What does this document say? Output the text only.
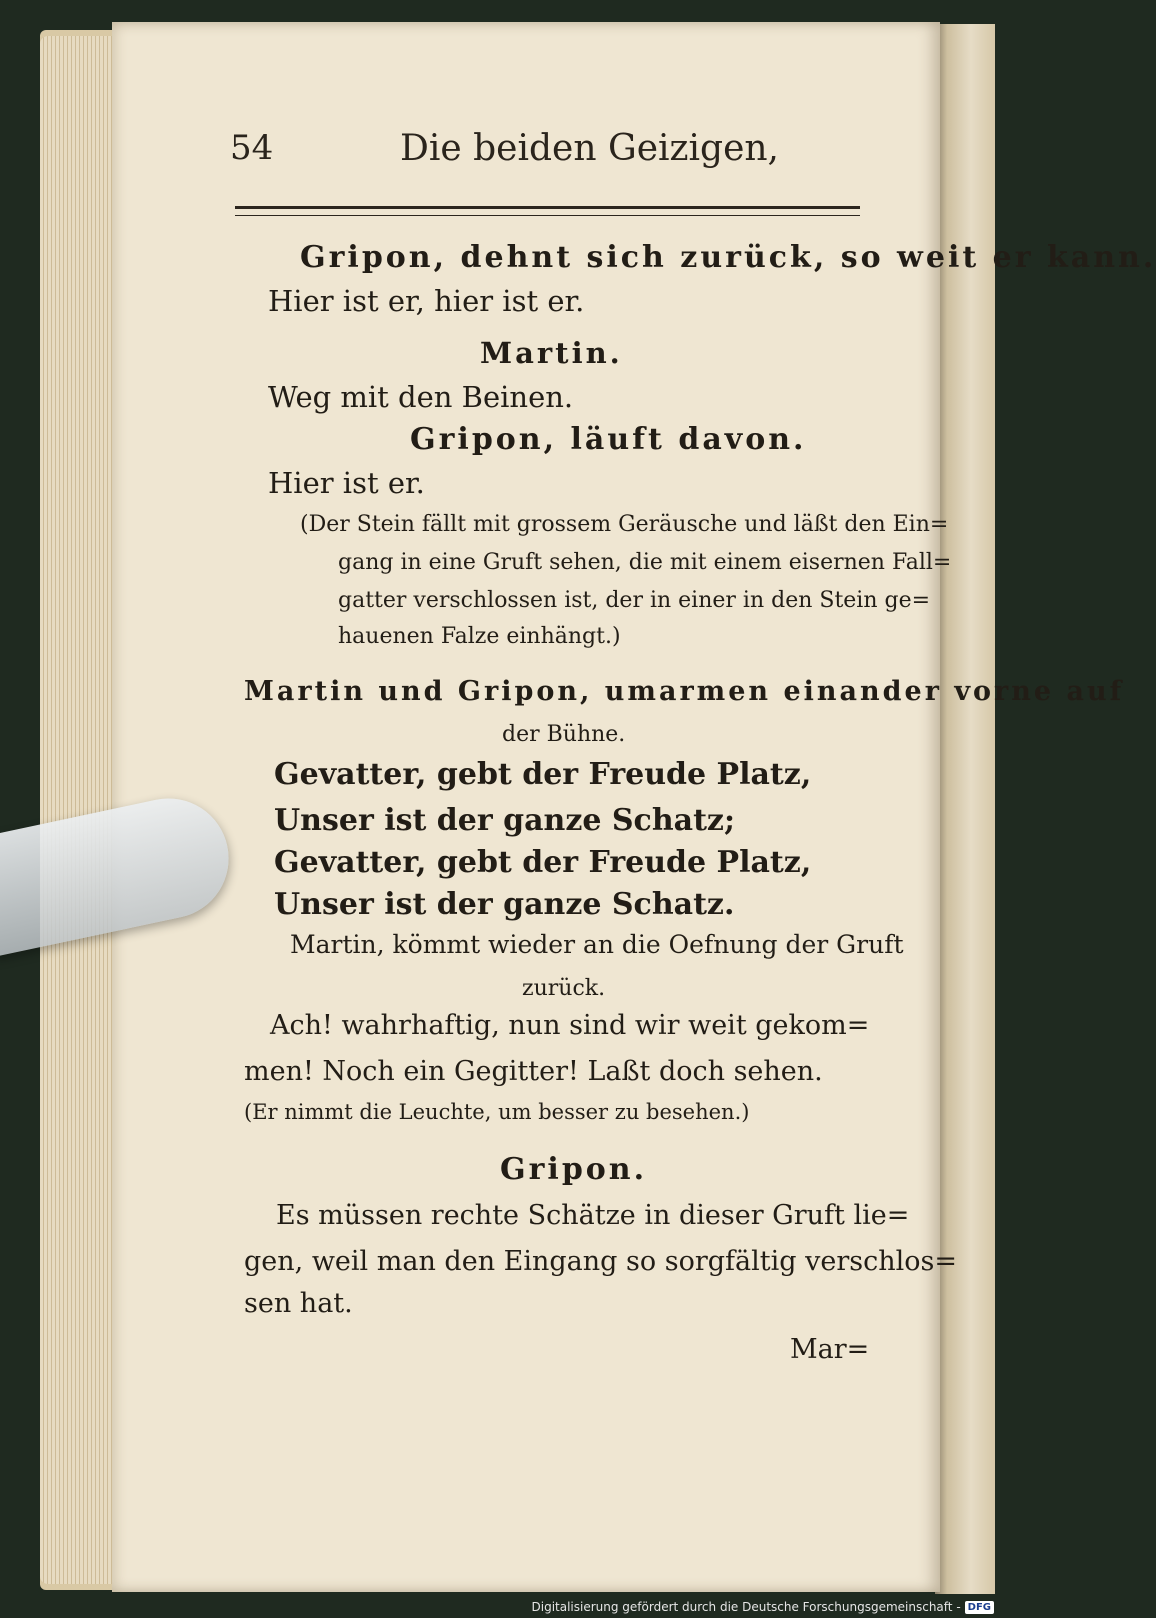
54	Die beiden Geizigen,
Gripon, dehnt sich zurück, so weit er kann.
Hier ist er, hier ist er.
Martin.
Weg mit den Beinen.
Gripon, läuft davon.
Hier ist er.
(Der Stein fällt mit grossem Geräusche und läßt den Ein=
gang in eine Gruft sehen, die mit einem eisernen Fall=
gatter verschlossen ist, der in einer in den Stein ge=
hauenen Falze einhängt.)
Martin und Gripon, umarmen einander vorne auf
der Bühne.
Gevatter, gebt der Freude Platz,
Unser ist der ganze Schatz;
Gevatter, gebt der Freude Platz,
Unser ist der ganze Schatz.
Martin, kömmt wieder an die Oefnung der Gruft
zurück.
Ach! wahrhaftig, nun sind wir weit gekom=
men! Noch ein Gegitter! Laßt doch sehen.
(Er nimmt die Leuchte, um besser zu besehen.)
Gripon.
Es müssen rechte Schätze in dieser Gruft lie=
gen, weil man den Eingang so sorgfältig verschlos=
sen hat.
Mar=
Digitalisierung gefördert durch die Deutsche Forschungsgemeinschaft - DFG
